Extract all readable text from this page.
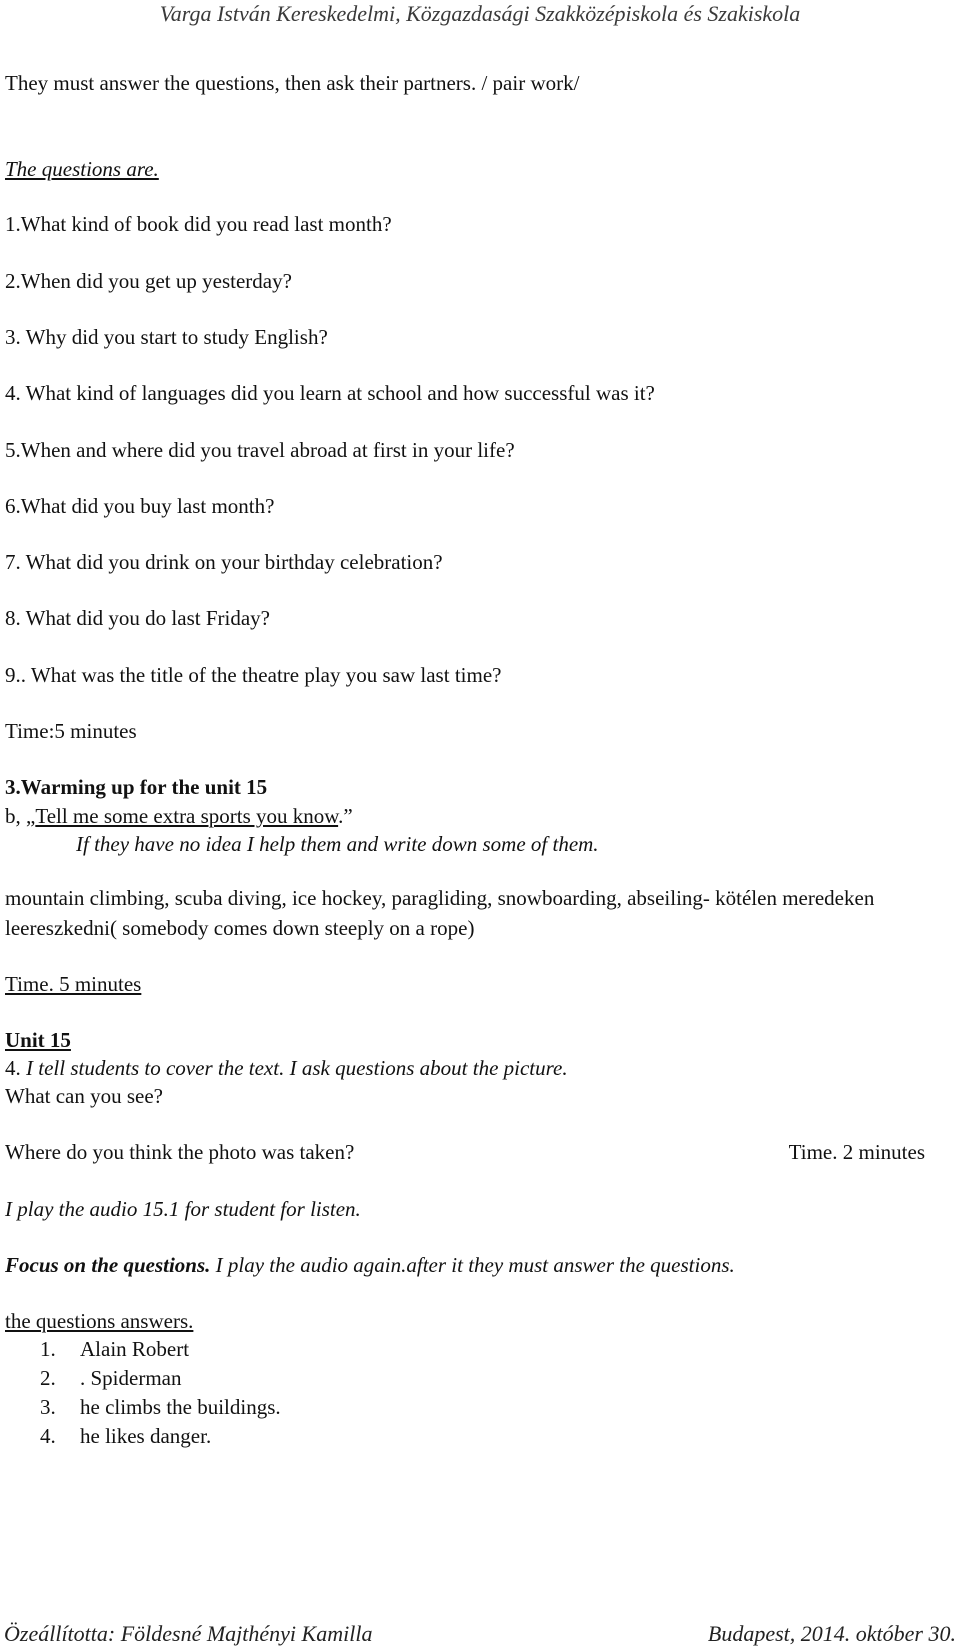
Varga István Kereskedelmi, Közgazdasági Szakközépiskola és Szakiskola
They must answer the questions, then ask their partners. / pair work/
The questions are.
1.What kind of book did you read last month?
2.When did you get up yesterday?
3. Why did you start to study English?
4. What kind of languages did you learn at school and how successful was it?
5.When and where did you travel abroad at first in your life?
6.What did you buy last month?
7. What did you drink on your birthday celebration?
8. What did you do last Friday?
9.. What was the title of the theatre play you saw last time?
Time:5 minutes
3.Warming up for the unit 15
b, „Tell me some extra sports you know.”
If they have no idea I help them and write down some of them.
mountain climbing, scuba diving, ice hockey, paragliding, snowboarding, abseiling- kötélen meredeken leereszkedni( somebody comes down steeply on a rope)
Time. 5 minutes
Unit 15
4. I tell students to cover the text. I ask questions about the picture.
What can you see?
Where do you think the photo was taken?	Time. 2 minutes
I play the audio 15.1 for student for listen.
Focus on the questions. I play the audio again.after it they must answer the questions.
the questions answers.
1.	Alain Robert
2.	. Spiderman
3.	he climbs the buildings.
4.	he likes danger.
Özeállította: Földesné Majthényi Kamilla	Budapest, 2014. október 30.
